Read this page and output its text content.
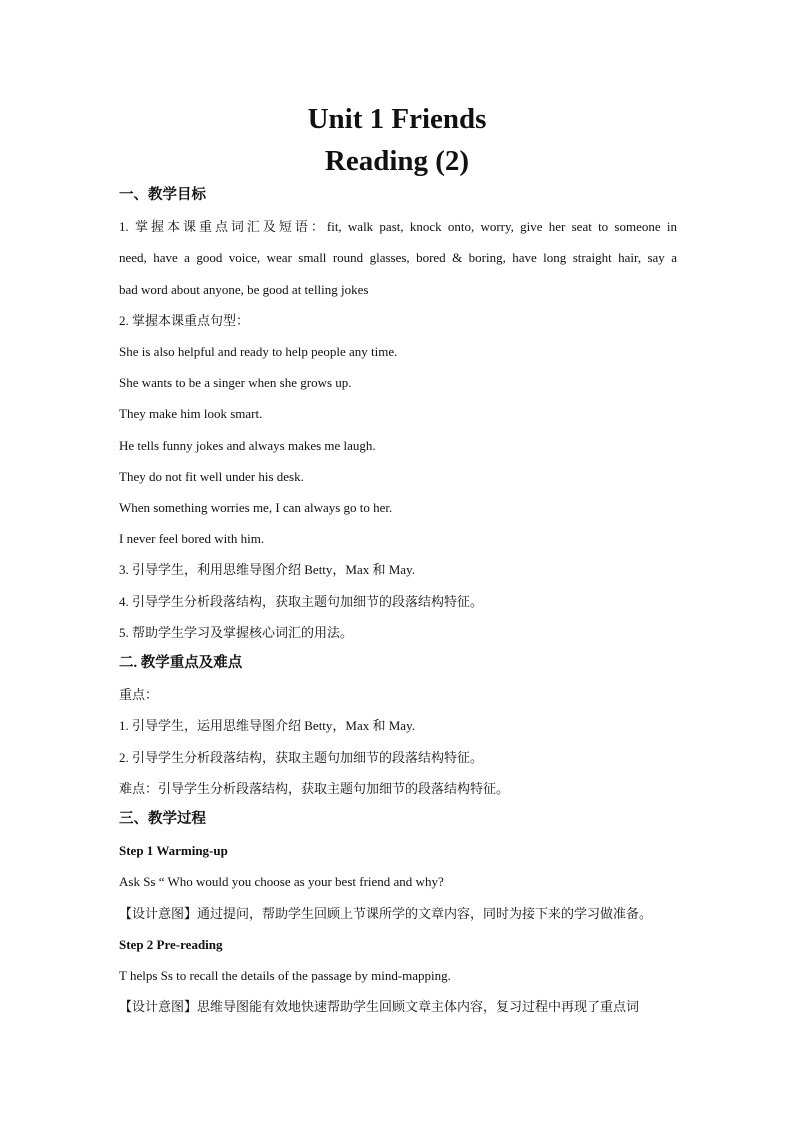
Unit 1 Friends
Reading (2)
一、教学目标
1. 掌握本课重点词汇及短语：fit, walk past, knock onto, worry, give her seat to someone in
need, have a good voice, wear small round glasses, bored & boring, have long straight hair, say a
bad word about anyone, be good at telling jokes
2. 掌握本课重点句型：
She is also helpful and ready to help people any time.
She wants to be a singer when she grows up.
They make him look smart.
He tells funny jokes and always makes me laugh.
They do not fit well under his desk.
When something worries me, I can always go to her.
I never feel bored with him.
3. 引导学生，利用思维导图介绍 Betty，Max 和 May.
4. 引导学生分析段落结构，获取主题句加细节的段落结构特征。
5. 帮助学生学习及掌握核心词汇的用法。
二. 教学重点及难点
重点：
1. 引导学生，运用思维导图介绍 Betty，Max 和 May.
2. 引导学生分析段落结构，获取主题句加细节的段落结构特征。
难点：引导学生分析段落结构，获取主题句加细节的段落结构特征。
三、教学过程
Step 1 Warming-up
Ask Ss “ Who would you choose as your best friend and why?
【设计意图】通过提问，帮助学生回顾上节课所学的文章内容，同时为接下来的学习做准备。
Step 2 Pre-reading
T helps Ss to recall the details of the passage by mind-mapping.
【设计意图】思维导图能有效地快速帮助学生回顾文章主体内容，复习过程中再现了重点词
